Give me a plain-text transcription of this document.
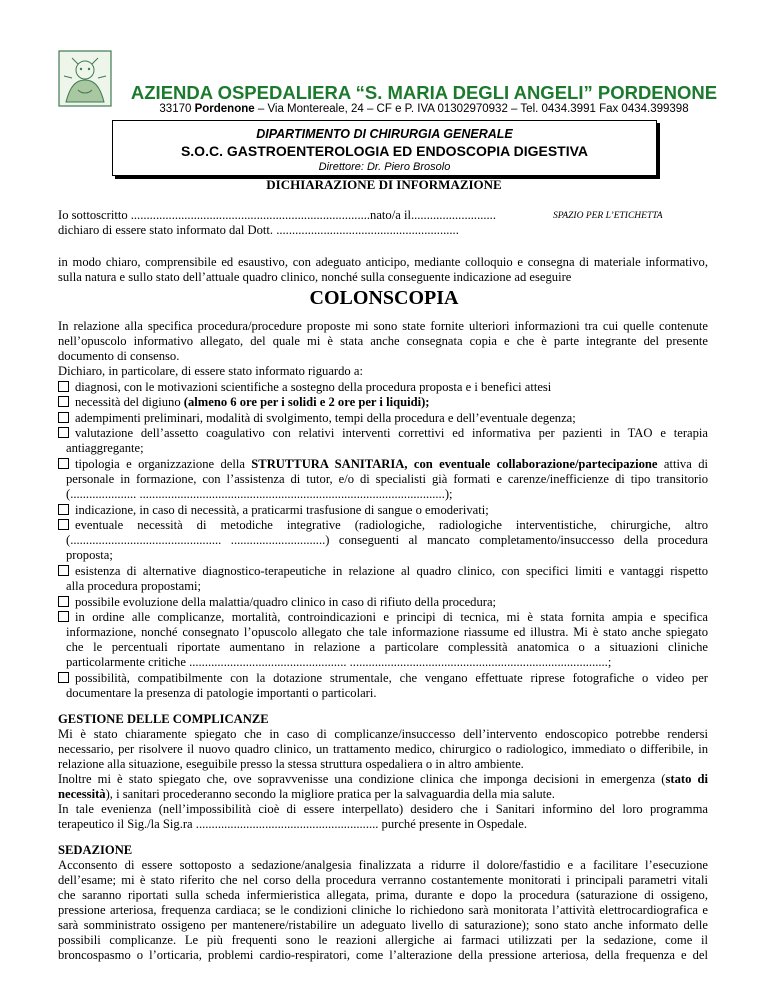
AZIENDA OSPEDALIERA “S. MARIA DEGLI ANGELI” PORDENONE
33170 Pordenone – Via Montereale, 24 – CF e P. IVA 01302970932 – Tel. 0434.3991 Fax 0434.399398
DIPARTIMENTO DI CHIRURGIA GENERALE
S.O.C. GASTROENTEROLOGIA ED ENDOSCOPIA DIGESTIVA
Direttore: Dr. Piero Brosolo
DICHIARAZIONE DI INFORMAZIONE
Io sottoscritto ............................................................................nato/a il...........................	SPAZIO PER L’ETICHETTA
dichiaro di essere stato informato dal Dott. ..........................................................
in modo chiaro, comprensibile ed esaustivo, con adeguato anticipo, mediante colloquio e consegna di materiale informativo,
sulla natura e sullo stato dell’attuale quadro clinico, nonché sulla conseguente indicazione ad eseguire
COLONSCOPIA
In relazione alla specifica procedura/procedure proposte mi sono state fornite ulteriori informazioni tra cui quelle contenute
nell’opuscolo informativo allegato, del quale mi è stata anche consegnata copia e che è parte integrante del presente
documento di consenso.
Dichiaro, in particolare, di essere stato informato riguardo a:
diagnosi, con le motivazioni scientifiche a sostegno della procedura proposta e i benefici attesi
necessità del digiuno (almeno 6 ore per i solidi e 2 ore per i liquidi);
adempimenti preliminari, modalità di svolgimento, tempi della procedura e dell’eventuale degenza;
valutazione dell’assetto coagulativo con relativi interventi correttivi ed informativa per pazienti in TAO e terapia
antiaggregante;
tipologia e organizzazione della STRUTTURA SANITARIA, con eventuale collaborazione/partecipazione attiva di
personale in formazione, con l’assistenza di tutor, e/o di specialisti già formati e carenze/inefficienze di tipo transitorio
(..................... .................................................................................................);
indicazione, in caso di necessità, a praticarmi trasfusione di sangue o emoderivati;
eventuale necessità di metodiche integrative (radiologiche, radiologiche interventistiche, chirurgiche, altro
(................................................ ..............................) conseguenti al mancato completamento/insuccesso della procedura
proposta;
esistenza di alternative diagnostico-terapeutiche in relazione al quadro clinico, con specifici limiti e vantaggi rispetto
alla procedura propostami;
possibile evoluzione della malattia/quadro clinico in caso di rifiuto della procedura;
in ordine alle complicanze, mortalità, controindicazioni e principi di tecnica, mi è stata fornita ampia e specifica
informazione, nonché consegnato l’opuscolo allegato che tale informazione riassume ed illustra. Mi è stato anche spiegato
che le percentuali riportate aumentano in relazione a particolare complessità anatomica o a situazioni cliniche
particolarmente critiche .................................................. ..................................................................................;
possibilità, compatibilmente con la dotazione strumentale, che vengano effettuate riprese fotografiche o video per
documentare la presenza di patologie importanti o particolari.
GESTIONE DELLE COMPLICANZE
Mi è stato chiaramente spiegato che in caso di complicanze/insuccesso dell’intervento endoscopico potrebbe rendersi
necessario, per risolvere il nuovo quadro clinico, un trattamento medico, chirurgico o radiologico, immediato o differibile, in
relazione alla situazione, eseguibile presso la stessa struttura ospedaliera o in altro ambiente.
Inoltre mi è stato spiegato che, ove sopravvenisse una condizione clinica che imponga decisioni in emergenza (stato di
necessità), i sanitari procederanno secondo la migliore pratica per la salvaguardia della mia salute.
In tale evenienza (nell’impossibilità cioè di essere interpellato) desidero che i Sanitari informino del loro programma
terapeutico il Sig./la Sig.ra .......................................................... purché presente in Ospedale.
SEDAZIONE
Acconsento di essere sottoposto a sedazione/analgesia finalizzata a ridurre il dolore/fastidio e a facilitare l’esecuzione
dell’esame; mi è stato riferito che nel corso della procedura verranno costantemente monitorati i principali parametri vitali
che saranno riportati sulla scheda infermieristica allegata, prima, durante e dopo la procedura (saturazione di ossigeno,
pressione arteriosa, frequenza cardiaca; se le condizioni cliniche lo richiedono sarà monitorata l’attività elettrocardiografica e
sarà somministrato ossigeno per mantenere/ristabilire un adeguato livello di saturazione); sono stato anche informato delle
possibili complicanze. Le più frequenti sono le reazioni allergiche ai farmaci utilizzati per la sedazione, come il
broncospasmo o l’orticaria, problemi cardio-respiratori, come l’alterazione della pressione arteriosa, della frequenza e del
